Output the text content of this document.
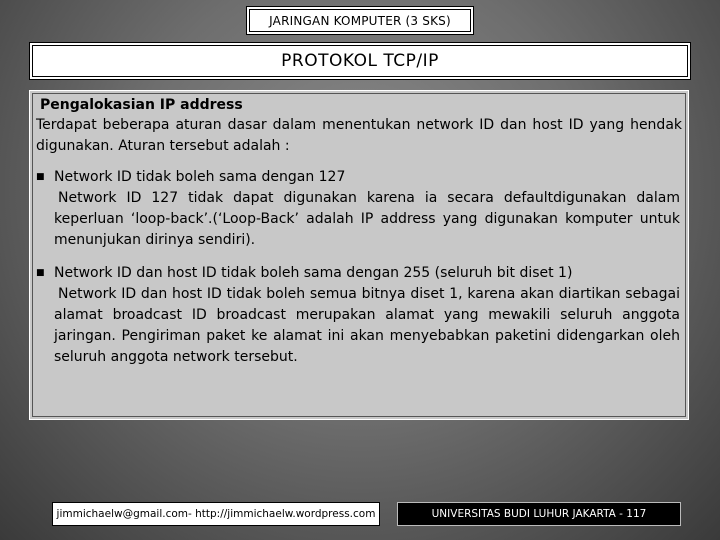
JARINGAN KOMPUTER (3 SKS)
PROTOKOL TCP/IP

Pengalokasian IP address

Terdapat beberapa aturan dasar dalam menentukan network ID dan host ID yang hendak digunakan. Aturan tersebut adalah :

■ Network ID tidak boleh sama dengan 127
Network ID 127 tidak dapat digunakan karena ia secara defaultdigunakan dalam keperluan ‘loop-back’.(‘Loop-Back’ adalah IP address yang digunakan komputer untuk menunjukan dirinya sendiri).
■ Network ID dan host ID tidak boleh sama dengan 255 (seluruh bit diset 1)
Network ID dan host ID tidak boleh semua bitnya diset 1, karena akan diartikan sebagai alamat broadcast ID broadcast merupakan alamat yang mewakili seluruh anggota jaringan. Pengiriman paket ke alamat ini akan menyebabkan paketini didengarkan oleh seluruh anggota network tersebut.
jimmichaelw@gmail.com- http://jimmichaelw.wordpress.com	UNIVERSITAS BUDI LUHUR JAKARTA - 117
